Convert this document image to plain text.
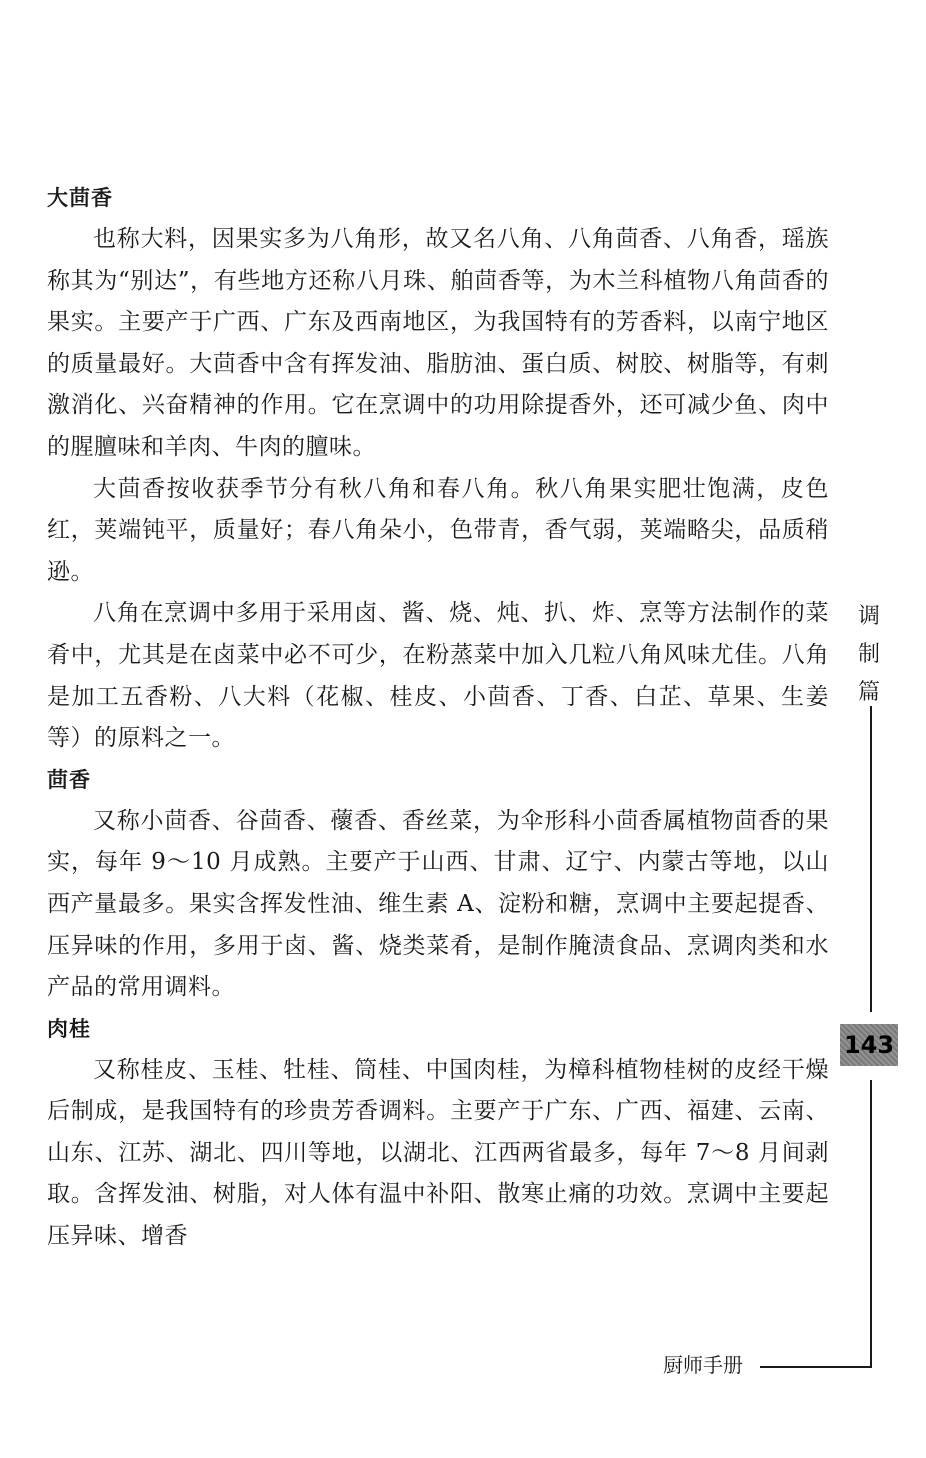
大茴香

也称大料，因果实多为八角形，故又名八角、八角茴香、八角香，瑶族称其为“别达”，有些地方还称八月珠、舶茴香等，为木兰科植物八角茴香的果实。主要产于广西、广东及西南地区，为我国特有的芳香料，以南宁地区的质量最好。大茴香中含有挥发油、脂肪油、蛋白质、树胶、树脂等，有刺激消化、兴奋精神的作用。它在烹调中的功用除提香外，还可减少鱼、肉中的腥膻味和羊肉、牛肉的膻味。

大茴香按收获季节分有秋八角和春八角。秋八角果实肥壮饱满，皮色红，荚端钝平，质量好；春八角朵小，色带青，香气弱，荚端略尖，品质稍逊。

八角在烹调中多用于采用卤、酱、烧、炖、扒、炸、烹等方法制作的菜肴中，尤其是在卤菜中必不可少，在粉蒸菜中加入几粒八角风味尤佳。八角是加工五香粉、八大料（花椒、桂皮、小茴香、丁香、白芷、草果、生姜等）的原料之一。

茴香

又称小茴香、谷茴香、蘹香、香丝菜，为伞形科小茴香属植物茴香的果实，每年 9～10 月成熟。主要产于山西、甘肃、辽宁、内蒙古等地，以山西产量最多。果实含挥发性油、维生素 A、淀粉和糖，烹调中主要起提香、压异味的作用，多用于卤、酱、烧类菜肴，是制作腌渍食品、烹调肉类和水产品的常用调料。

肉桂

又称桂皮、玉桂、牡桂、筒桂、中国肉桂，为樟科植物桂树的皮经干燥后制成，是我国特有的珍贵芳香调料。主要产于广东、广西、福建、云南、山东、江苏、湖北、四川等地，以湖北、江西两省最多，每年 7～8 月间剥取。含挥发油、树脂，对人体有温中补阳、散寒止痛的功效。烹调中主要起压异味、增香

调
制
篇
143
厨师手册
